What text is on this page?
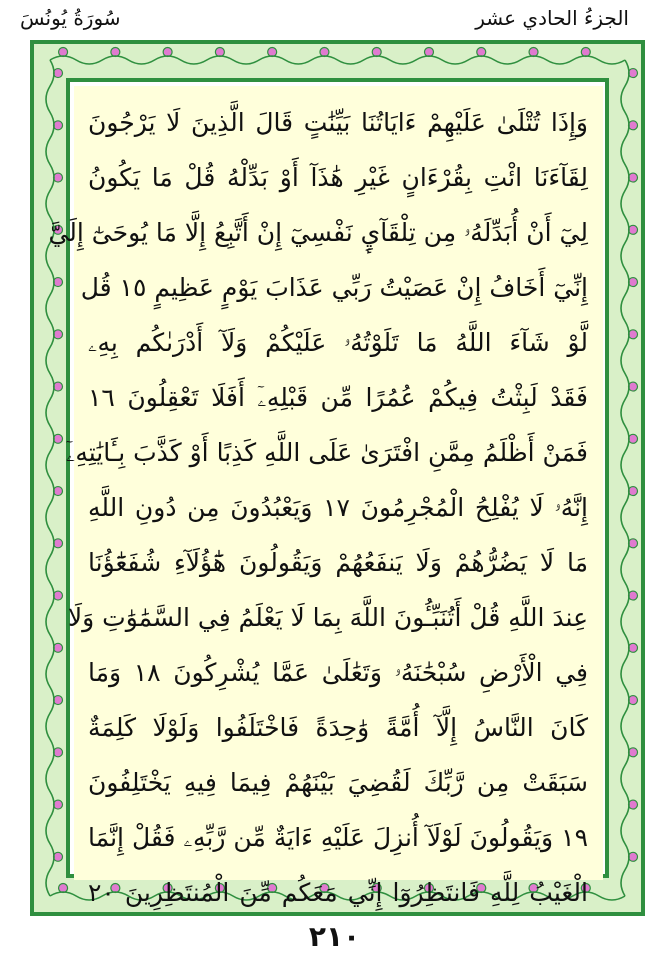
الجزءُ الحادي عشر
سُورَةُ يُونُسَ
وَإِذَا تُتْلَىٰ عَلَيْهِمْ ءَايَاتُنَا بَيِّنَٰتٍ قَالَ الَّذِينَ لَا يَرْجُونَ
لِقَآءَنَا ائْتِ بِقُرْءَانٍ غَيْرِ هَٰذَآ أَوْ بَدِّلْهُ قُلْ مَا يَكُونُ
لِيٓ أَنْ أُبَدِّلَهُۥ مِن تِلْقَآيِٕ نَفْسِيٓ إِنْ أَتَّبِعُ إِلَّا مَا يُوحَىٰٓ إِلَيَّ
إِنِّيٓ أَخَافُ إِنْ عَصَيْتُ رَبِّي عَذَابَ يَوْمٍ عَظِيمٍ ١٥ قُل
لَّوْ شَآءَ اللَّهُ مَا تَلَوْتُهُۥ عَلَيْكُمْ وَلَآ أَدْرَىٰكُم بِهِۦ
فَقَدْ لَبِثْتُ فِيكُمْ عُمُرًا مِّن قَبْلِهِۦٓ أَفَلَا تَعْقِلُونَ ١٦
فَمَنْ أَظْلَمُ مِمَّنِ افْتَرَىٰ عَلَى اللَّهِ كَذِبًا أَوْ كَذَّبَ بِـَٔايَٰتِهِۦٓ
إِنَّهُۥ لَا يُفْلِحُ الْمُجْرِمُونَ ١٧ وَيَعْبُدُونَ مِن دُونِ اللَّهِ
مَا لَا يَضُرُّهُمْ وَلَا يَنفَعُهُمْ وَيَقُولُونَ هَٰٓؤُلَآءِ شُفَعَٰٓؤُنَا
عِندَ اللَّهِ قُلْ أَتُنَبِّـُٔونَ اللَّهَ بِمَا لَا يَعْلَمُ فِي السَّمَٰوَٰتِ وَلَا
فِي الْأَرْضِ سُبْحَٰنَهُۥ وَتَعَٰلَىٰ عَمَّا يُشْرِكُونَ ١٨ وَمَا
كَانَ النَّاسُ إِلَّآ أُمَّةً وَٰحِدَةً فَاخْتَلَفُوا وَلَوْلَا كَلِمَةٌ
سَبَقَتْ مِن رَّبِّكَ لَقُضِيَ بَيْنَهُمْ فِيمَا فِيهِ يَخْتَلِفُونَ
١٩ وَيَقُولُونَ لَوْلَآ أُنزِلَ عَلَيْهِ ءَايَةٌ مِّن رَّبِّهِۦ فَقُلْ إِنَّمَا
الْغَيْبُ لِلَّهِ فَانتَظِرُوٓا إِنِّي مَعَكُم مِّنَ الْمُنتَظِرِينَ ٢٠
٢١٠
